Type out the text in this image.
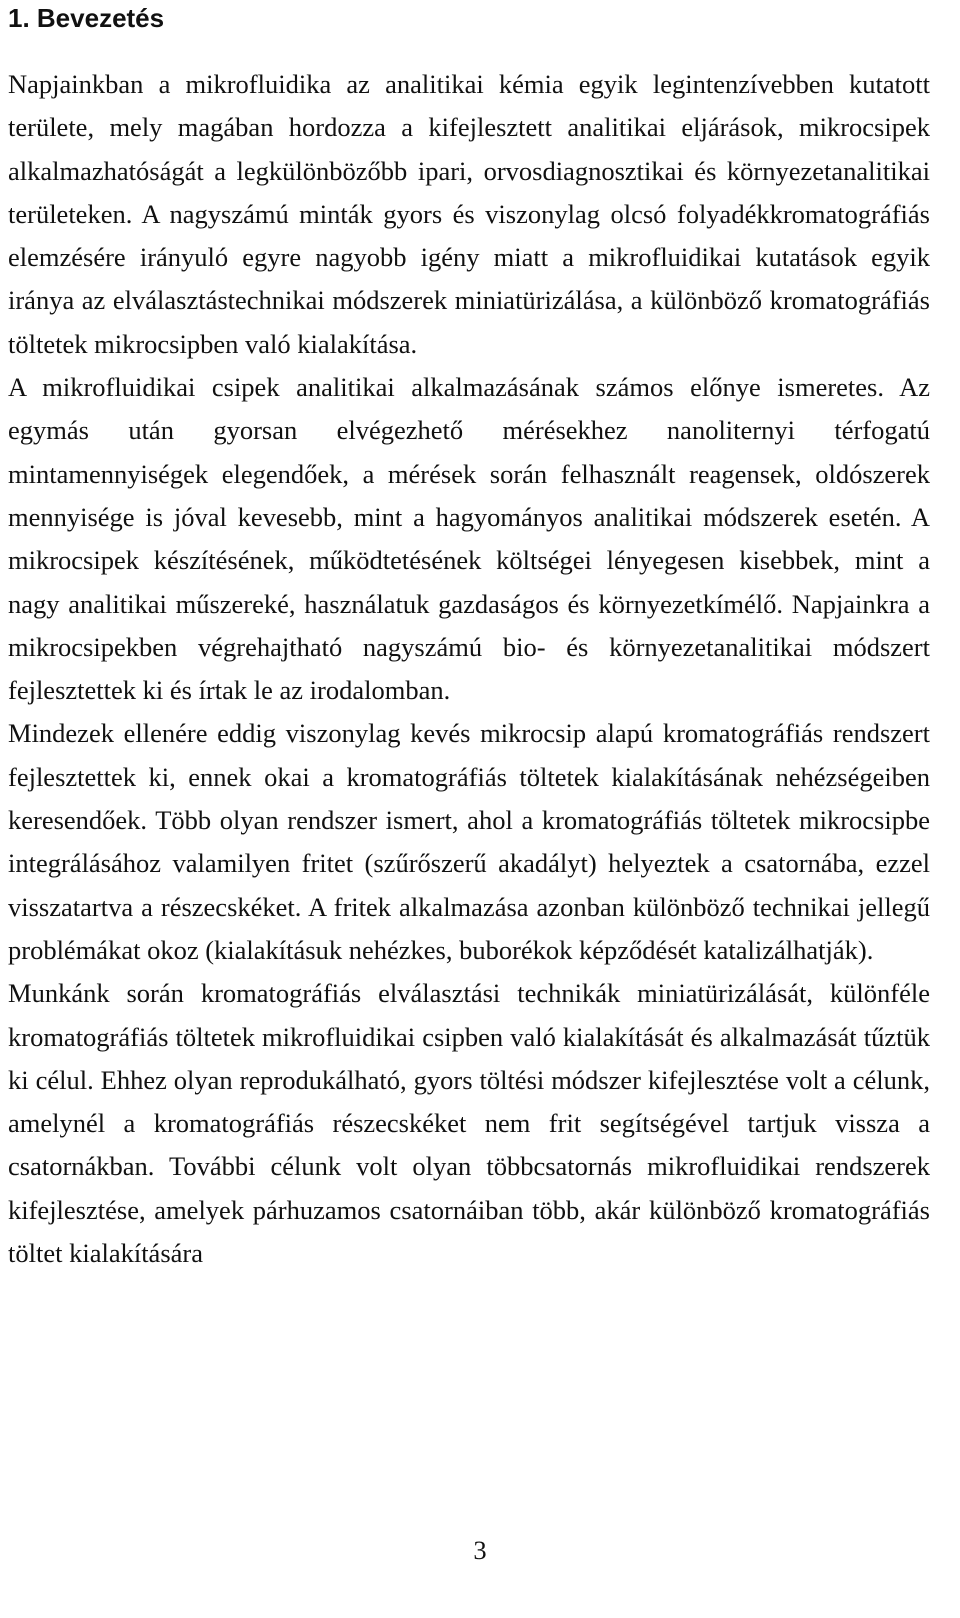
1. Bevezetés

Napjainkban a mikrofluidika az analitikai kémia egyik legintenzívebben kutatott területe, mely magában hordozza a kifejlesztett analitikai eljárások, mikrocsipek alkalmazhatóságát a legkülönbözőbb ipari, orvosdiagnosztikai és környezetanalitikai területeken. A nagyszámú minták gyors és viszonylag olcsó folyadékkromatográfiás elemzésére irányuló egyre nagyobb igény miatt a mikrofluidikai kutatások egyik iránya az elválasztástechnikai módszerek miniatürizálása, a különböző kromatográfiás töltetek mikrocsipben való kialakítása.

A mikrofluidikai csipek analitikai alkalmazásának számos előnye ismeretes. Az egymás után gyorsan elvégezhető mérésekhez nanoliternyi térfogatú mintamennyiségek elegendőek, a mérések során felhasznált reagensek, oldószerek mennyisége is jóval kevesebb, mint a hagyományos analitikai módszerek esetén. A mikrocsipek készítésének, működtetésének költségei lényegesen kisebbek, mint a nagy analitikai műszereké, használatuk gazdaságos és környezetkímélő. Napjainkra a mikrocsipekben végrehajtható nagyszámú bio- és környezetanalitikai módszert fejlesztettek ki és írtak le az irodalomban.

Mindezek ellenére eddig viszonylag kevés mikrocsip alapú kromatográfiás rendszert fejlesztettek ki, ennek okai a kromatográfiás töltetek kialakításának nehézségeiben keresendőek. Több olyan rendszer ismert, ahol a kromatográfiás töltetek mikrocsipbe integrálásához valamilyen fritet (szűrőszerű akadályt) helyeztek a csatornába, ezzel visszatartva a részecskéket. A fritek alkalmazása azonban különböző technikai jellegű problémákat okoz (kialakításuk nehézkes, buborékok képződését katalizálhatják).

Munkánk során kromatográfiás elválasztási technikák miniatürizálását, különféle kromatográfiás töltetek mikrofluidikai csipben való kialakítását és alkalmazását tűztük ki célul. Ehhez olyan reprodukálható, gyors töltési módszer kifejlesztése volt a célunk, amelynél a kromatográfiás részecskéket nem frit segítségével tartjuk vissza a csatornákban. További célunk volt olyan többcsatornás mikrofluidikai rendszerek kifejlesztése, amelyek párhuzamos csatornáiban több, akár különböző kromatográfiás töltet kialakítására

3
